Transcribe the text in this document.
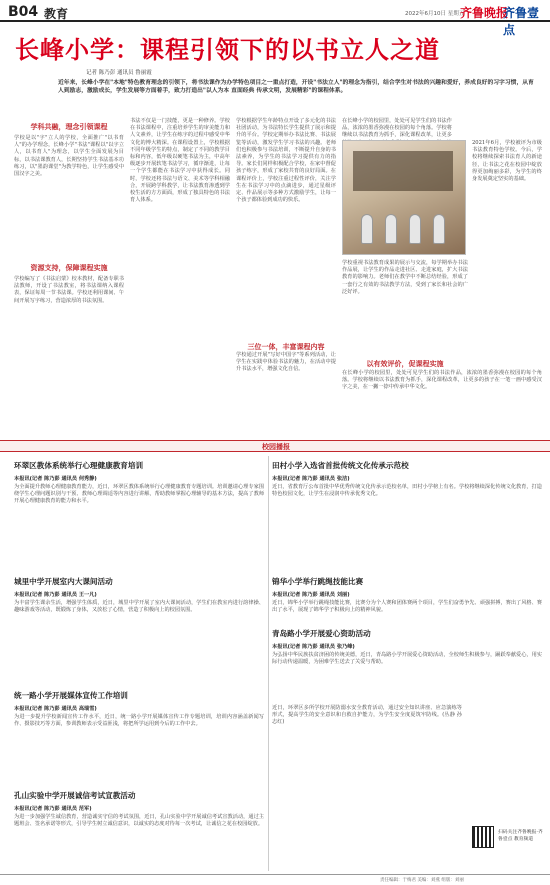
B04 教育	2022年6月10日 星期五
齐鲁晚报
齐鲁壹点
长峰小学：课程引领下的以书立人之道
记者 陈乃彭 通讯员 鲁丽霞
近年来，长峰小学在"本地"特色教育理念的引领下，将书法课作为办学特色项目之一重点打造，开设"书法立人"的理念为指引，结合学生对书法的兴趣和爱好，养成良好的习字习惯，从育人到励志，激励成长，学生发展等方面着手，致力打造出"以人为本 直面经典 传承文明，发展精彩"的课程体系。
学科共融，理念引领课程
学校是以"字"立人的学校，全面推广"以书育人"的办学理念，长峰小学"书法"课程以"以字立人，以书育人"为理念，以学生全面发展为目标，以书法课教育人，长期坚持学生书法基本功练习，以"墨韵课堂"为教学特色，让学生感受中国汉字之美。
资源支持，保障课程实施
学校编写了《书法启蒙》校本教材，配备专职书法教师，开设了书法教室，将书法课纳入课程表，保证每周一节书法课。学校还利用课间、午间开展写字练习，营造浓厚的书法氛围。
书法不仅是一门技能，更是一种修养。学校在书法课程中，注重培养学生的审美能力和人文素养，让学生在练字的过程中感受中华文化的博大精深。在课程设置上，学校根据不同年级学生的特点，制定了不同的教学目标和内容，低年级以硬笔书法为主，中高年级逐步开展软笔书法学习，循序渐进，让每一个学生都能在书法学习中获得成长。同时，学校还将书法与语文、美术等学科相融合，开展跨学科教学，让书法教育渗透到学校生活的方方面面，形成了独具特色的书法育人体系。
三位一体，丰富课程内容
学校根据学生年龄特点开设了多元化的书法社团活动，为书法特长学生提供了展示和提升的平台。学校定期举办书法比赛、书法展览等活动，激发学生学习书法的兴趣。老师们也积极参与书法培训，不断提升自身的书法素养，为学生的书法学习提供有力的指导。家长们同样积极配合学校，在家中督促孩子练字，形成了家校共育的良好局面。在课程评价上，学校注重过程性评价，关注学生在书法学习中的点滴进步，通过星级评定、作品展示等多种方式激励学生，让每一个孩子都体验到成功的快乐。
学校通过开展"写好中国字"等系列活动，让学生在实践中体验书法的魅力，在活动中提升书法水平，增强文化自信。
在长峰小学的校园里，处处可见学生们的书法作品，浓浓的墨香弥漫在校园的每个角落。学校将继续以书法教育为抓手，深化课程改革，让更多
2021年6月，学校被评为市级书法教育特色学校。今后，学校将继续探索书法育人的新途径，让书法之花在校园中绽放得更加绚丽多彩，为学生的终身发展奠定坚实的基础。
学校重视书法教育成果的展示与交流，每学期举办书法作品展，让学生的作品走进社区、走进家庭，扩大书法教育的影响力。老师们在教学中不断总结经验，形成了一套行之有效的书法教学方法，受到了家长和社会的广泛好评。
以有效评价，促课程实施
在长峰小学的校园里，处处可见学生们的书法作品，浓浓的墨香弥漫在校园的每个角落。学校将继续以书法教育为抓手，深化课程改革，让更多的孩子在一笔一画中感受汉字之美，在一撇一捺中传承中华文化。
校园播报
环翠区教体系统举行心理健康教育培训
本报讯(记者 陈乃彭 通讯员 何秀静)
为全面提升教师心理健康教育能力，近日，环翠区教体系统举行心理健康教育专题培训。培训邀请心理专家围绕学生心理问题识别与干预、教师心理调适等内容进行讲解，帮助教师掌握心理辅导的基本方法，提高了教师开展心理健康教育的能力和水平。
田村小学入选省首批传统文化传承示范校
本报讯(记者 陈乃彭 通讯员 张洁)
近日，省教育厅公布首批中华优秀传统文化传承示范校名单，田村小学榜上有名。学校将继续深化传统文化教育，打造特色校园文化，让学生在浸润中传承优秀文化。
城里中学开展室内大课间活动
本报讯(记者 陈乃彭 通讯员 王一凡)
为丰富学生课余生活，增强学生体质，近日，城里中学开展了室内大课间活动，学生们在教室内进行韵律操、趣味游戏等活动，既锻炼了身体，又放松了心情，营造了积极向上的校园氛围。
锦华小学举行跳绳技能比赛
本报讯(记者 陈乃彭 通讯员 刘丽)
近日，锦华小学举行跳绳技能比赛，比赛分为个人赛和团体赛两个项目，学生们奋勇争先、顽强拼搏，赛出了风格、赛出了水平，展现了锦华学子积极向上的精神风貌。
青岛路小学开展爱心资助活动
本报讯(记者 陈乃彭 通讯员 张乃峰)
为弘扬中华民族扶贫济困的传统美德，近日，青岛路小学开展爱心资助活动，全校师生积极参与，踊跃奉献爱心，用实际行动传递温暖，为困难学生送去了关爱与帮助。
统一路小学开展媒体宣传工作培训
本报讯(记者 陈乃彭 通讯员 高瑞雪)
为进一步提升学校新闻宣传工作水平，近日，统一路小学开展媒体宣传工作专题培训，培训内容涵盖新闻写作、摄影技巧等方面，参训教师表示受益匪浅，将把所学运用到今后的工作中去。
孔山实验中学开展诚信考试宣教活动
本报讯(记者 陈乃彭 通讯员 范军)
为进一步加强学生诚信教育，营造诚实守信的考试氛围，近日，孔山实验中学开展诚信考试宣教活动，通过主题班会、签名承诺等形式，引导学生树立诚信意识，以诚实的态度对待每一次考试，让诚信之花在校园绽放。
近日，环翠区多所学校开展防溺水安全教育活动，通过安全知识讲座、应急演练等形式，提高学生的安全意识和自救自护能力，为学生安全度夏筑牢防线。(丛静 孙志红)
扫码关注齐鲁晚报·齐鲁壹点 教育频道
责任编辑：于梅君 美编：刘燕 组版：刘丽
